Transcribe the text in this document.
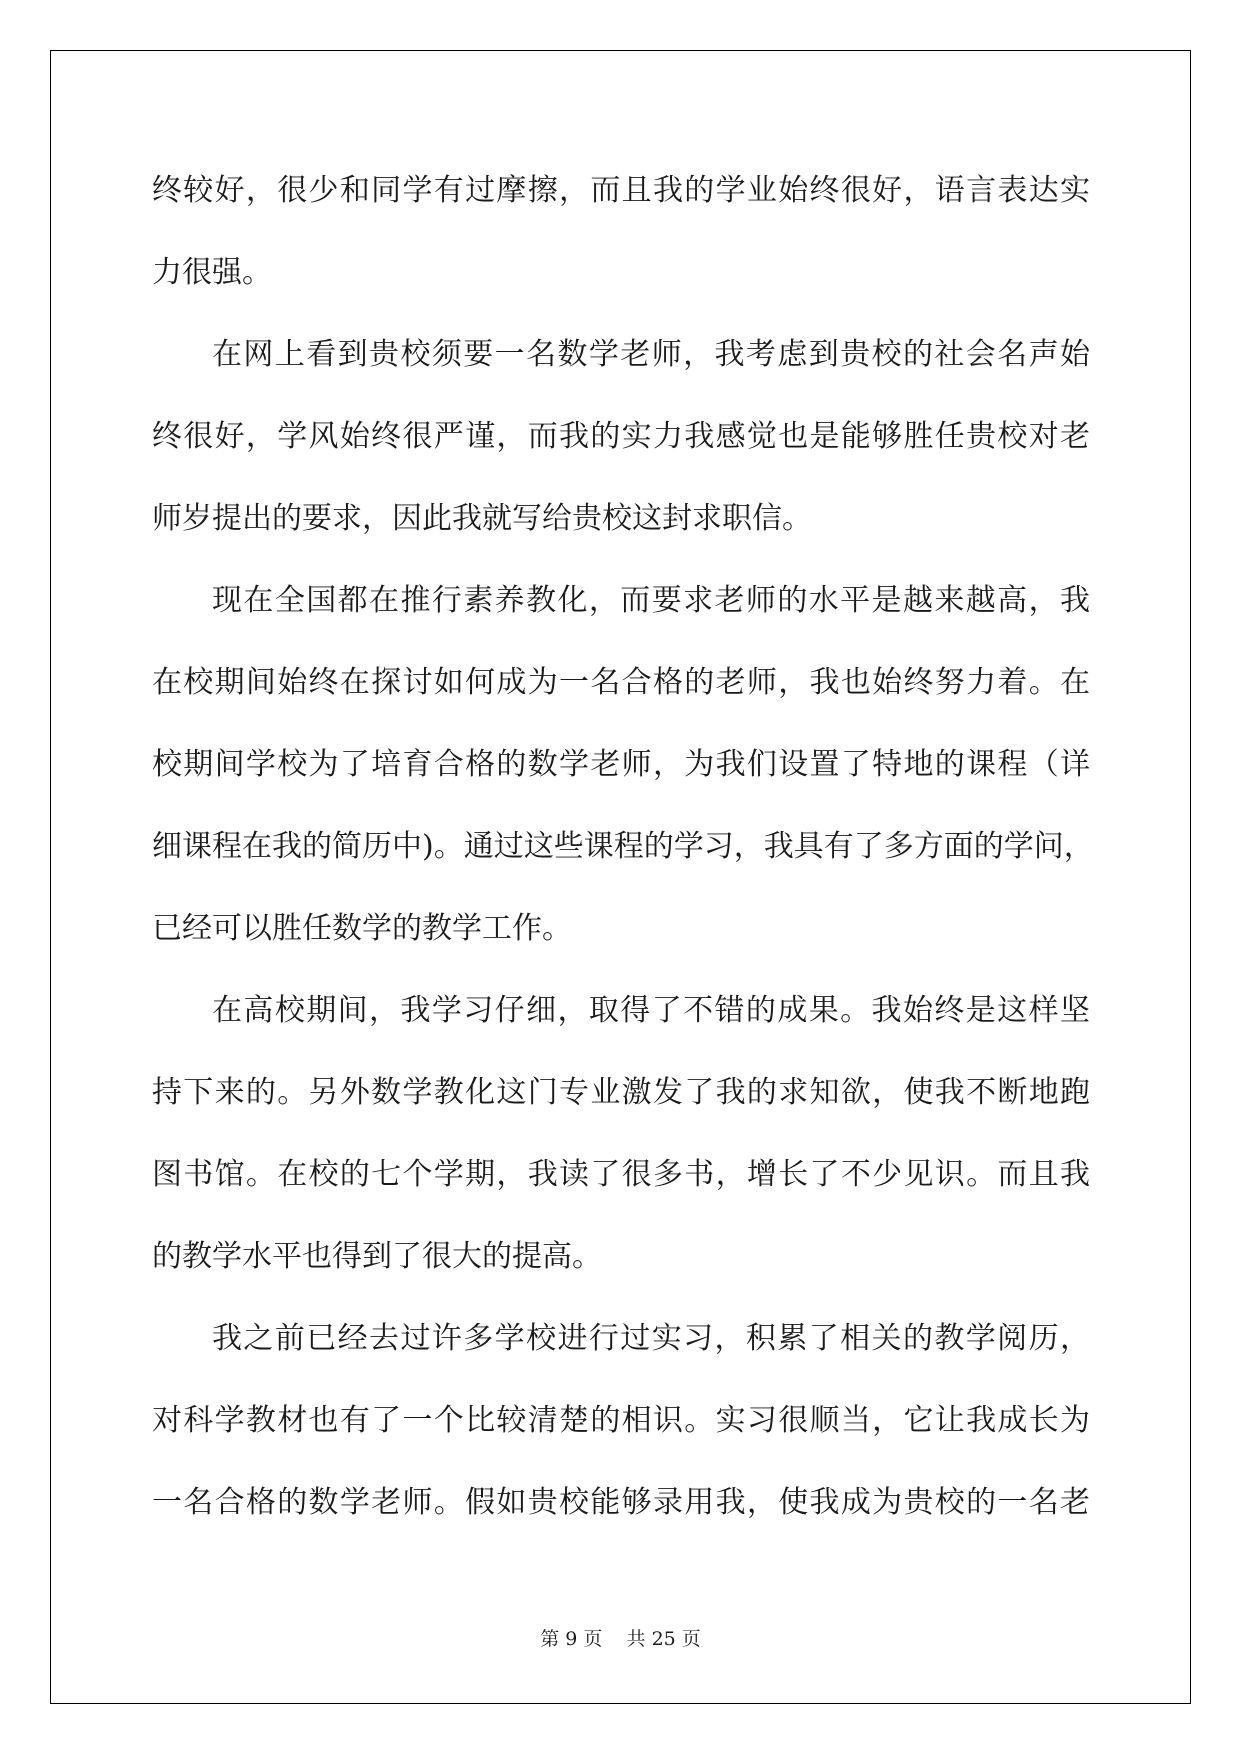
终较好，很少和同学有过摩擦，而且我的学业始终很好，语言表达实
力很强。
在网上看到贵校须要一名数学老师，我考虑到贵校的社会名声始
终很好，学风始终很严谨，而我的实力我感觉也是能够胜任贵校对老
师岁提出的要求，因此我就写给贵校这封求职信。
现在全国都在推行素养教化，而要求老师的水平是越来越高，我
在校期间始终在探讨如何成为一名合格的老师，我也始终努力着。在
校期间学校为了培育合格的数学老师，为我们设置了特地的课程（详
细课程在我的简历中)。通过这些课程的学习，我具有了多方面的学问，
已经可以胜任数学的教学工作。
在高校期间，我学习仔细，取得了不错的成果。我始终是这样坚
持下来的。另外数学教化这门专业激发了我的求知欲，使我不断地跑
图书馆。在校的七个学期，我读了很多书，增长了不少见识。而且我
的教学水平也得到了很大的提高。
我之前已经去过许多学校进行过实习，积累了相关的教学阅历，
对科学教材也有了一个比较清楚的相识。实习很顺当，它让我成长为
一名合格的数学老师。假如贵校能够录用我，使我成为贵校的一名老
第 9 页    共 25 页
